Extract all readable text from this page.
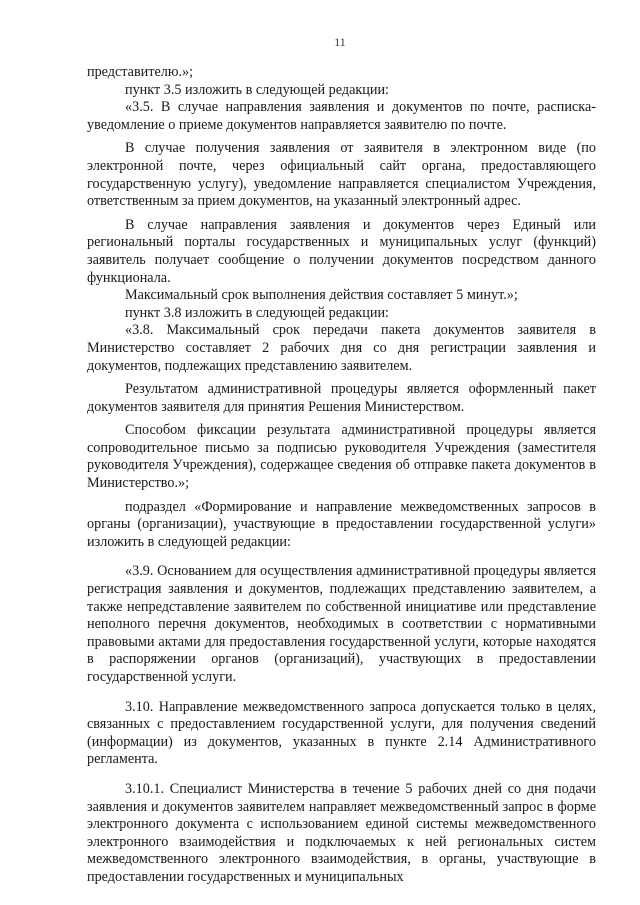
11

представителю.»;

пункт 3.5 изложить в следующей редакции:

«3.5. В случае направления заявления и документов по почте, расписка-уведомление о приеме документов направляется заявителю по почте.

В случае получения заявления от заявителя в электронном виде (по электронной почте, через официальный сайт органа, предоставляющего государственную услугу), уведомление направляется специалистом Учреждения, ответственным за прием документов, на указанный электронный адрес.

В случае направления заявления и документов через Единый или региональный порталы государственных и муниципальных услуг (функций) заявитель получает сообщение о получении документов посредством данного функционала.

Максимальный срок выполнения действия составляет 5 минут.»;

пункт 3.8 изложить в следующей редакции:

«3.8. Максимальный срок передачи пакета документов заявителя в Министерство составляет 2 рабочих дня со дня регистрации заявления и документов, подлежащих представлению заявителем.

Результатом административной процедуры является оформленный пакет документов заявителя для принятия Решения Министерством.

Способом фиксации результата административной процедуры является сопроводительное письмо за подписью руководителя Учреждения (заместителя руководителя Учреждения), содержащее сведения об отправке пакета документов в Министерство.»;

подраздел «Формирование и направление межведомственных запросов в органы (организации), участвующие в предоставлении государственной услуги» изложить в следующей редакции:

«3.9. Основанием для осуществления административной процедуры является регистрация заявления и документов, подлежащих представлению заявителем, а также непредставление заявителем по собственной инициативе или представление неполного перечня документов, необходимых в соответствии с нормативными правовыми актами для предоставления государственной услуги, которые находятся в распоряжении органов (организаций), участвующих в предоставлении государственной услуги.

3.10. Направление межведомственного запроса допускается только в целях, связанных с предоставлением государственной услуги, для получения сведений (информации) из документов, указанных в пункте 2.14 Административного регламента.

3.10.1. Специалист Министерства в течение 5 рабочих дней со дня подачи заявления и документов заявителем направляет межведомственный запрос в форме электронного документа с использованием единой системы межведомственного электронного взаимодействия и подключаемых к ней региональных систем межведомственного электронного взаимодействия, в органы, участвующие в предоставлении государственных и муниципальных
